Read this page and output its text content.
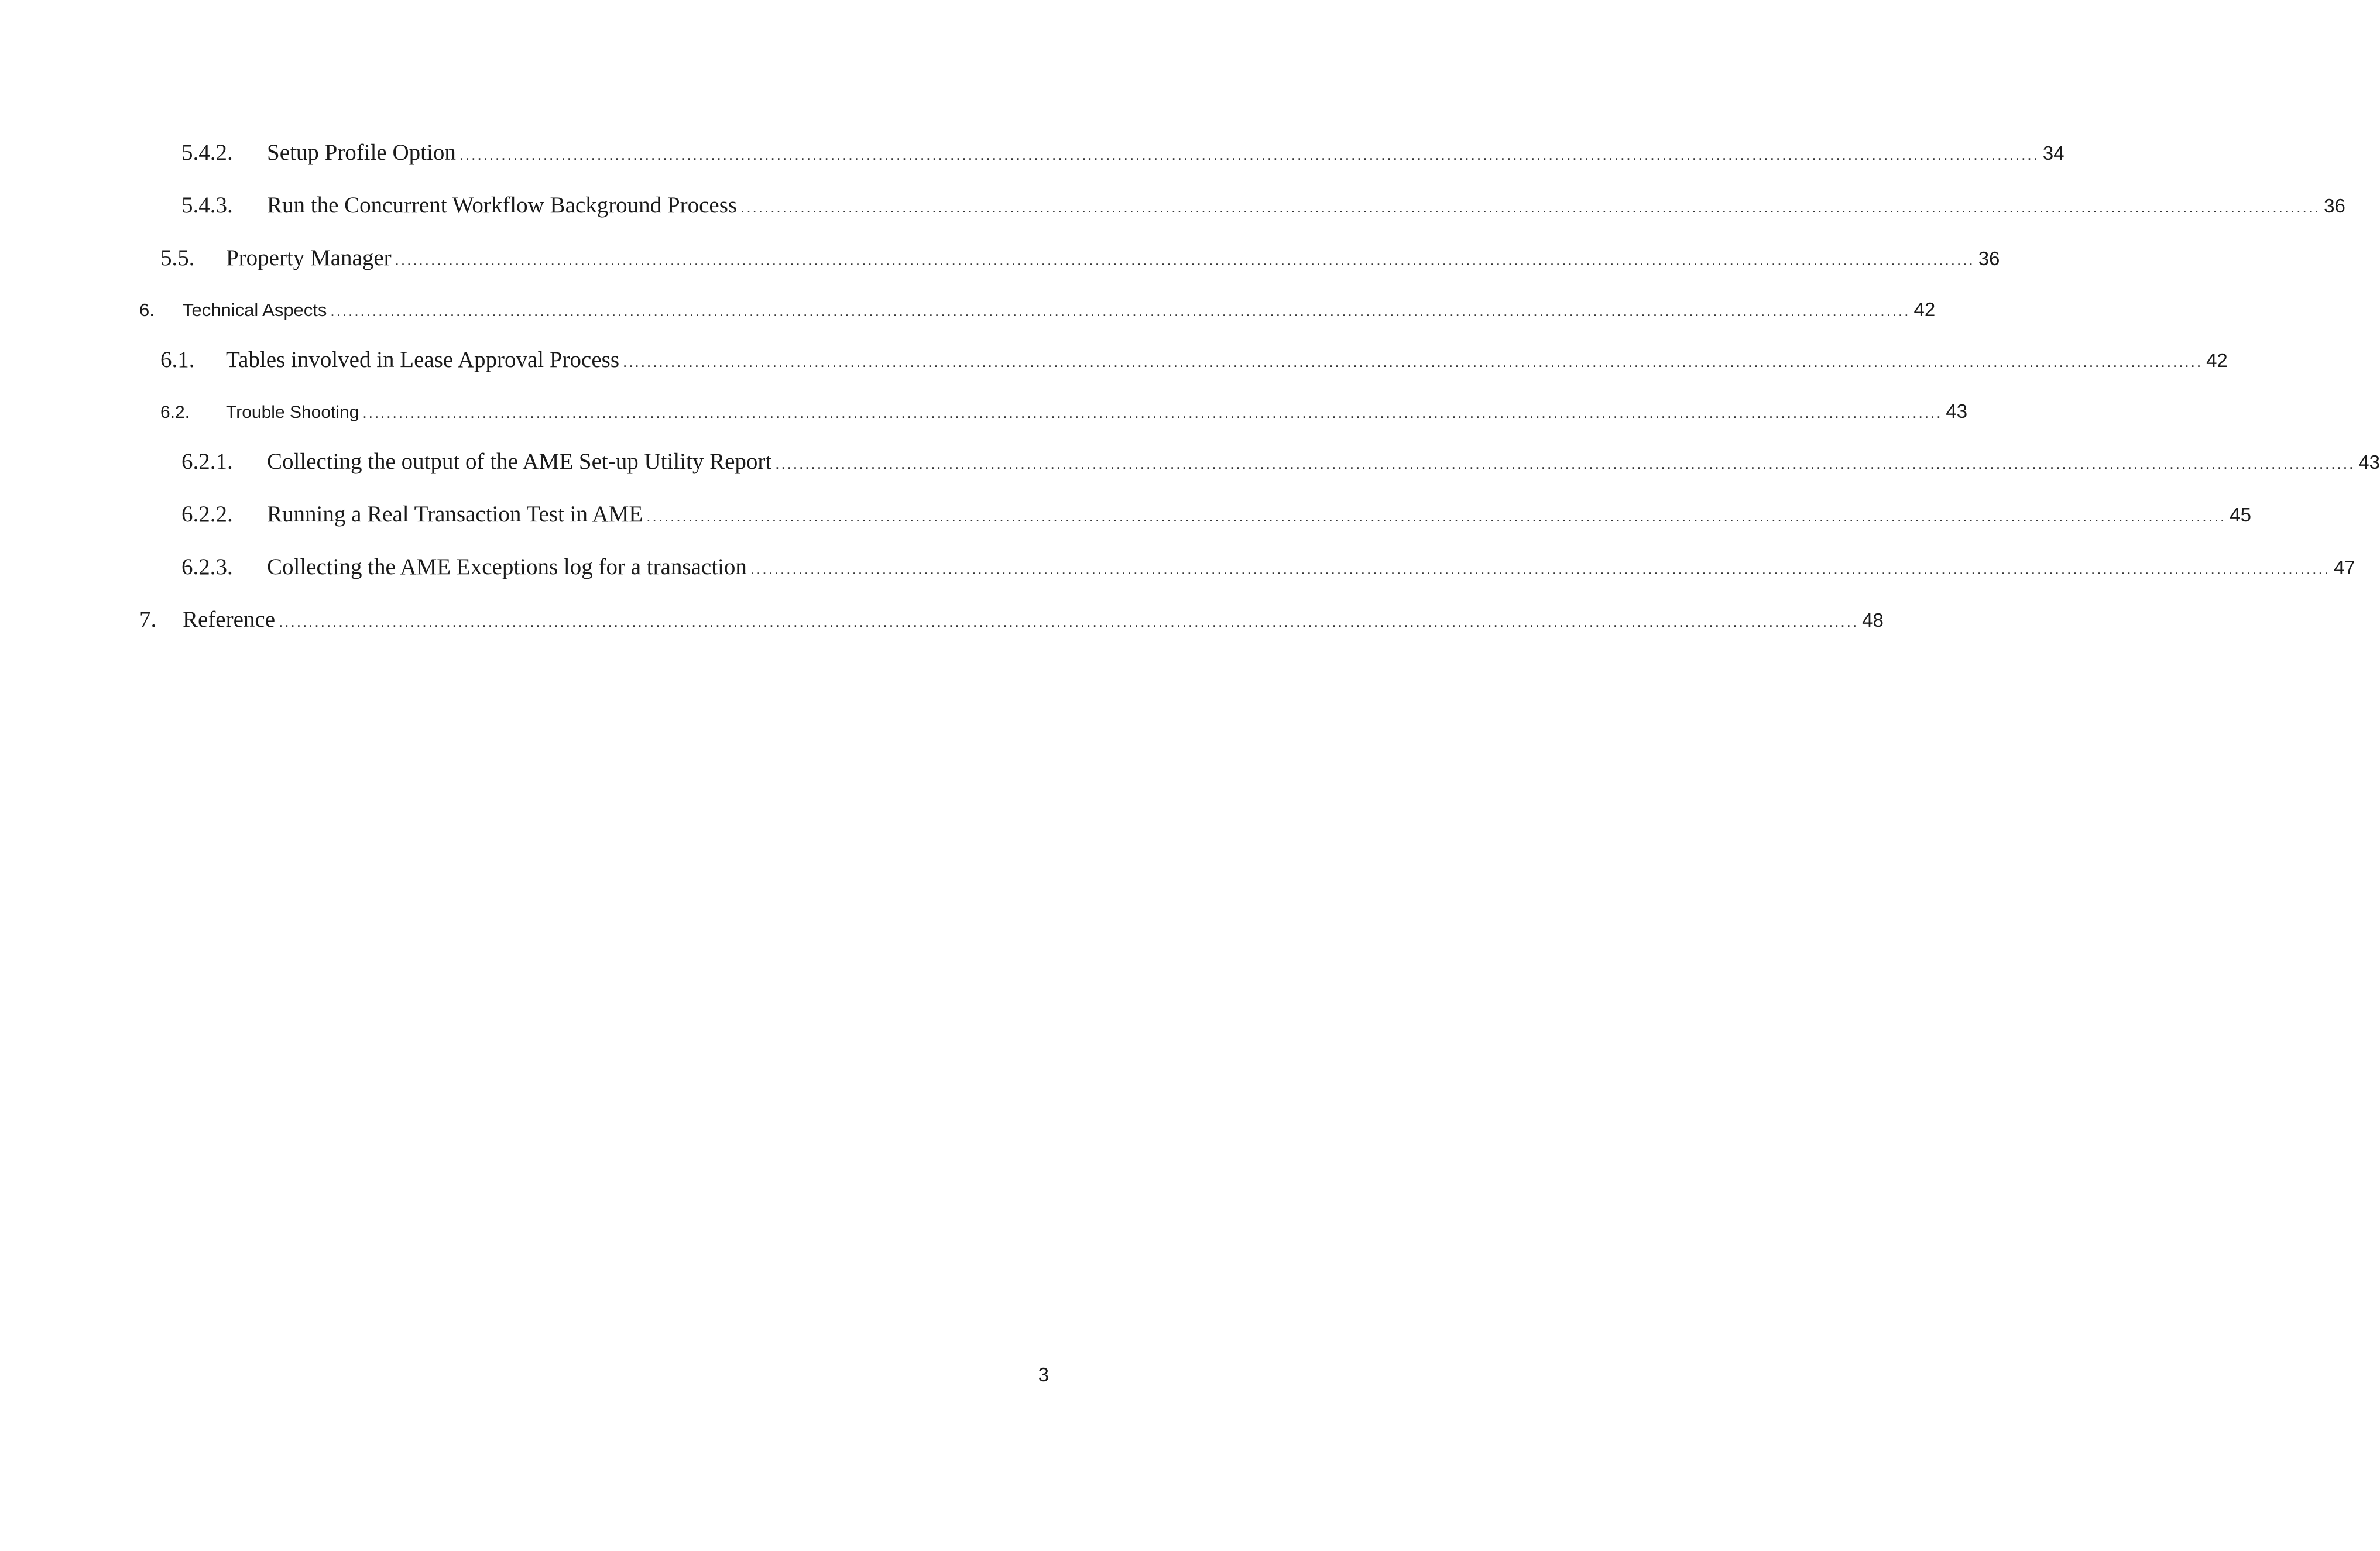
5.4.2.	Setup Profile Option ........................................................................................................................................................................................................................................................................ 34
5.4.3.	Run the Concurrent Workflow Background Process ........................................................................................................................................................................................................................................................................ 36
5.5.	Property Manager ........................................................................................................................................................................................................................................................................ 36
6.	Technical Aspects ........................................................................................................................................................................................................................................................................ 42
6.1.	Tables involved in Lease Approval Process ........................................................................................................................................................................................................................................................................ 42
6.2.	Trouble Shooting ........................................................................................................................................................................................................................................................................ 43
6.2.1.	Collecting the output of the AME Set-up Utility Report ........................................................................................................................................................................................................................................................................ 43
6.2.2.	Running a Real Transaction Test in AME ........................................................................................................................................................................................................................................................................ 45
6.2.3.	Collecting the AME Exceptions log for a transaction ........................................................................................................................................................................................................................................................................ 47
7.	Reference ........................................................................................................................................................................................................................................................................ 48
3
